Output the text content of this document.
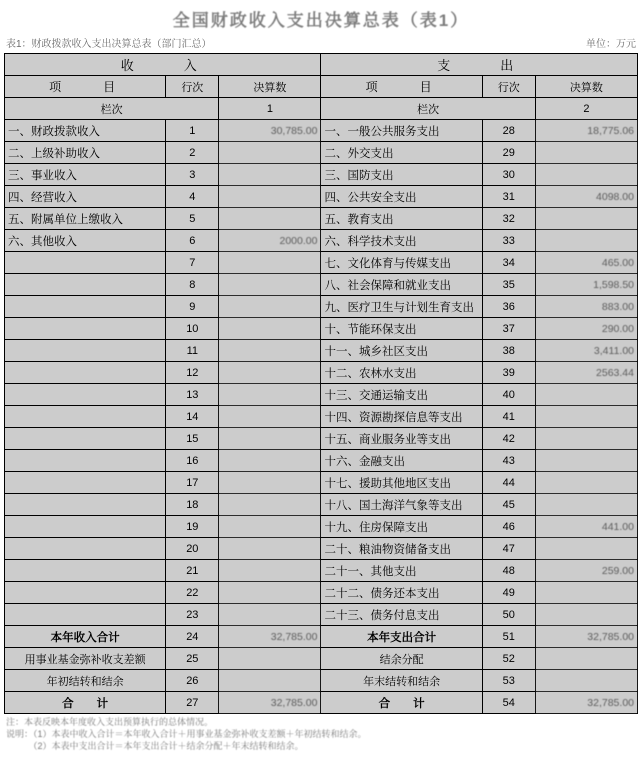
全国财政收入支出决算总表（表1）
表1：财政拨款收入支出决算总表（部门汇总）	单位：万元
收　　入			支　　出		
项　　目	行次	决算数	项　　目	行次	决算数
栏次		1	栏次		2
一、财政拨款收入	1	30,785.00	一、一般公共服务支出	28	18,775.06
二、上级补助收入	2		二、外交支出	29	
三、事业收入	3		三、国防支出	30	
四、经营收入	4		四、公共安全支出	31	4098.00
五、附属单位上缴收入	5		五、教育支出	32	
六、其他收入	6	2000.00	六、科学技术支出	33	
	7		七、文化体育与传媒支出	34	465.00
	8		八、社会保障和就业支出	35	1,598.50
	9		九、医疗卫生与计划生育支出	36	883.00
	10		十、节能环保支出	37	290.00
	11		十一、城乡社区支出	38	3,411.00
	12		十二、农林水支出	39	2563.44
	13		十三、交通运输支出	40	
	14		十四、资源勘探信息等支出	41	
	15		十五、商业服务业等支出	42	
	16		十六、金融支出	43	
	17		十七、援助其他地区支出	44	
	18		十八、国土海洋气象等支出	45	
	19		十九、住房保障支出	46	441.00
	20		二十、粮油物资储备支出	47	
	21		二十一、其他支出	48	259.00
	22		二十二、债务还本支出	49	
	23		二十三、债务付息支出	50	
本年收入合计	24	32,785.00	本年支出合计	51	32,785.00
用事业基金弥补收支差额	25		结余分配	52	
年初结转和结余	26		年末结转和结余	53	
合　　计	27	32,785.00	合　　计	54	32,785.00
注：本表反映本年度收入支出预算执行的总体情况。
说明：（1）本表中收入合计＝本年收入合计＋用事业基金弥补收支差额＋年初结转和结余。
　　　（2）本表中支出合计＝本年支出合计＋结余分配＋年末结转和结余。
